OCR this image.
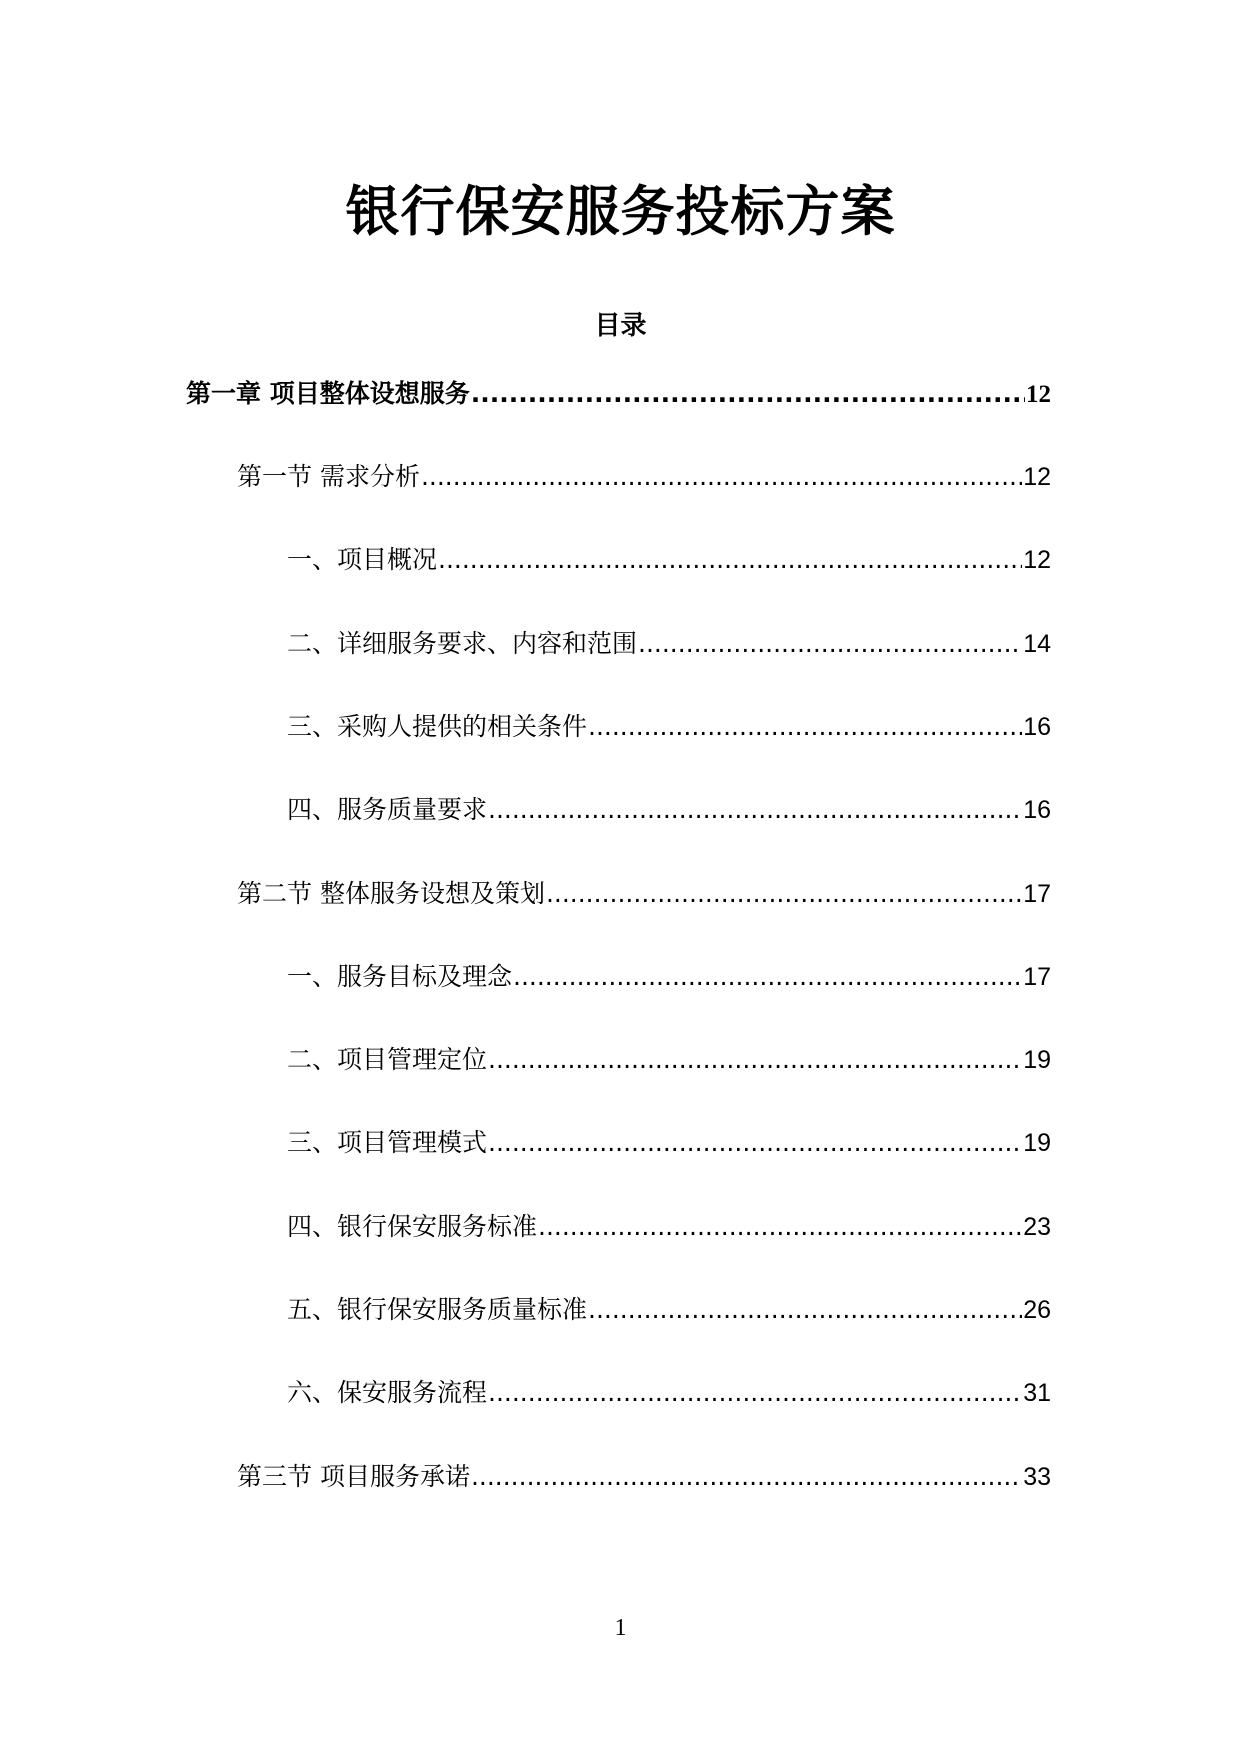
银行保安服务投标方案
目录
第一章 项目整体设想服务 .....	12
第一节 需求分析 .....	12
一、项目概况 .....	12
二、详细服务要求、内容和范围 .....	14
三、采购人提供的相关条件 .....	16
四、服务质量要求 .....	16
第二节 整体服务设想及策划 .....	17
一、服务目标及理念 .....	17
二、项目管理定位 .....	19
三、项目管理模式 .....	19
四、银行保安服务标准 .....	23
五、银行保安服务质量标准 .....	26
六、保安服务流程 .....	31
第三节 项目服务承诺 .....	33
1
